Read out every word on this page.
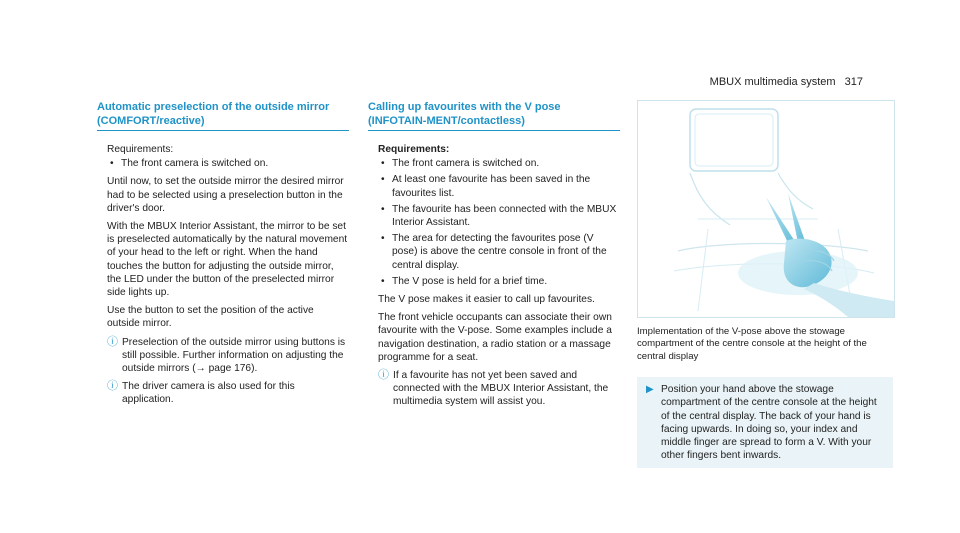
MBUX multimedia system 317
Automatic preselection of the outside mirror (COMFORT/reactive)
Requirements:
• The front camera is switched on.

Until now, to set the outside mirror the desired mirror had to be selected using a preselection button in the driver's door.

With the MBUX Interior Assistant, the mirror to be set is preselected automatically by the natural movement of your head to the left or right. When the hand touches the button for adjusting the outside mirror, the LED under the button of the preselected mirror side lights up.

Use the button to set the position of the active outside mirror.

ⓘ Preselection of the outside mirror using buttons is still possible. Further information on adjusting the outside mirrors (→ page 176).
ⓘ The driver camera is also used for this application.
Calling up favourites with the V pose (INFOTAIN-MENT/contactless)
Requirements:
• The front camera is switched on.
• At least one favourite has been saved in the favourites list.
• The favourite has been connected with the MBUX Interior Assistant.
• The area for detecting the favourites pose (V pose) is above the centre console in front of the central display.
• The V pose is held for a brief time.

The V pose makes it easier to call up favourites.

The front vehicle occupants can associate their own favourite with the V-pose. Some examples include a navigation destination, a radio station or a massage programme for a seat.

ⓘ If a favourite has not yet been saved and connected with the MBUX Interior Assistant, the multimedia system will assist you.
Implementation of the V-pose above the stowage compartment of the centre console at the height of the central display
▶ Position your hand above the stowage compartment of the centre console at the height of the central display. The back of your hand is facing upwards. In doing so, your index and middle finger are spread to form a V. With your other fingers bent inwards.
